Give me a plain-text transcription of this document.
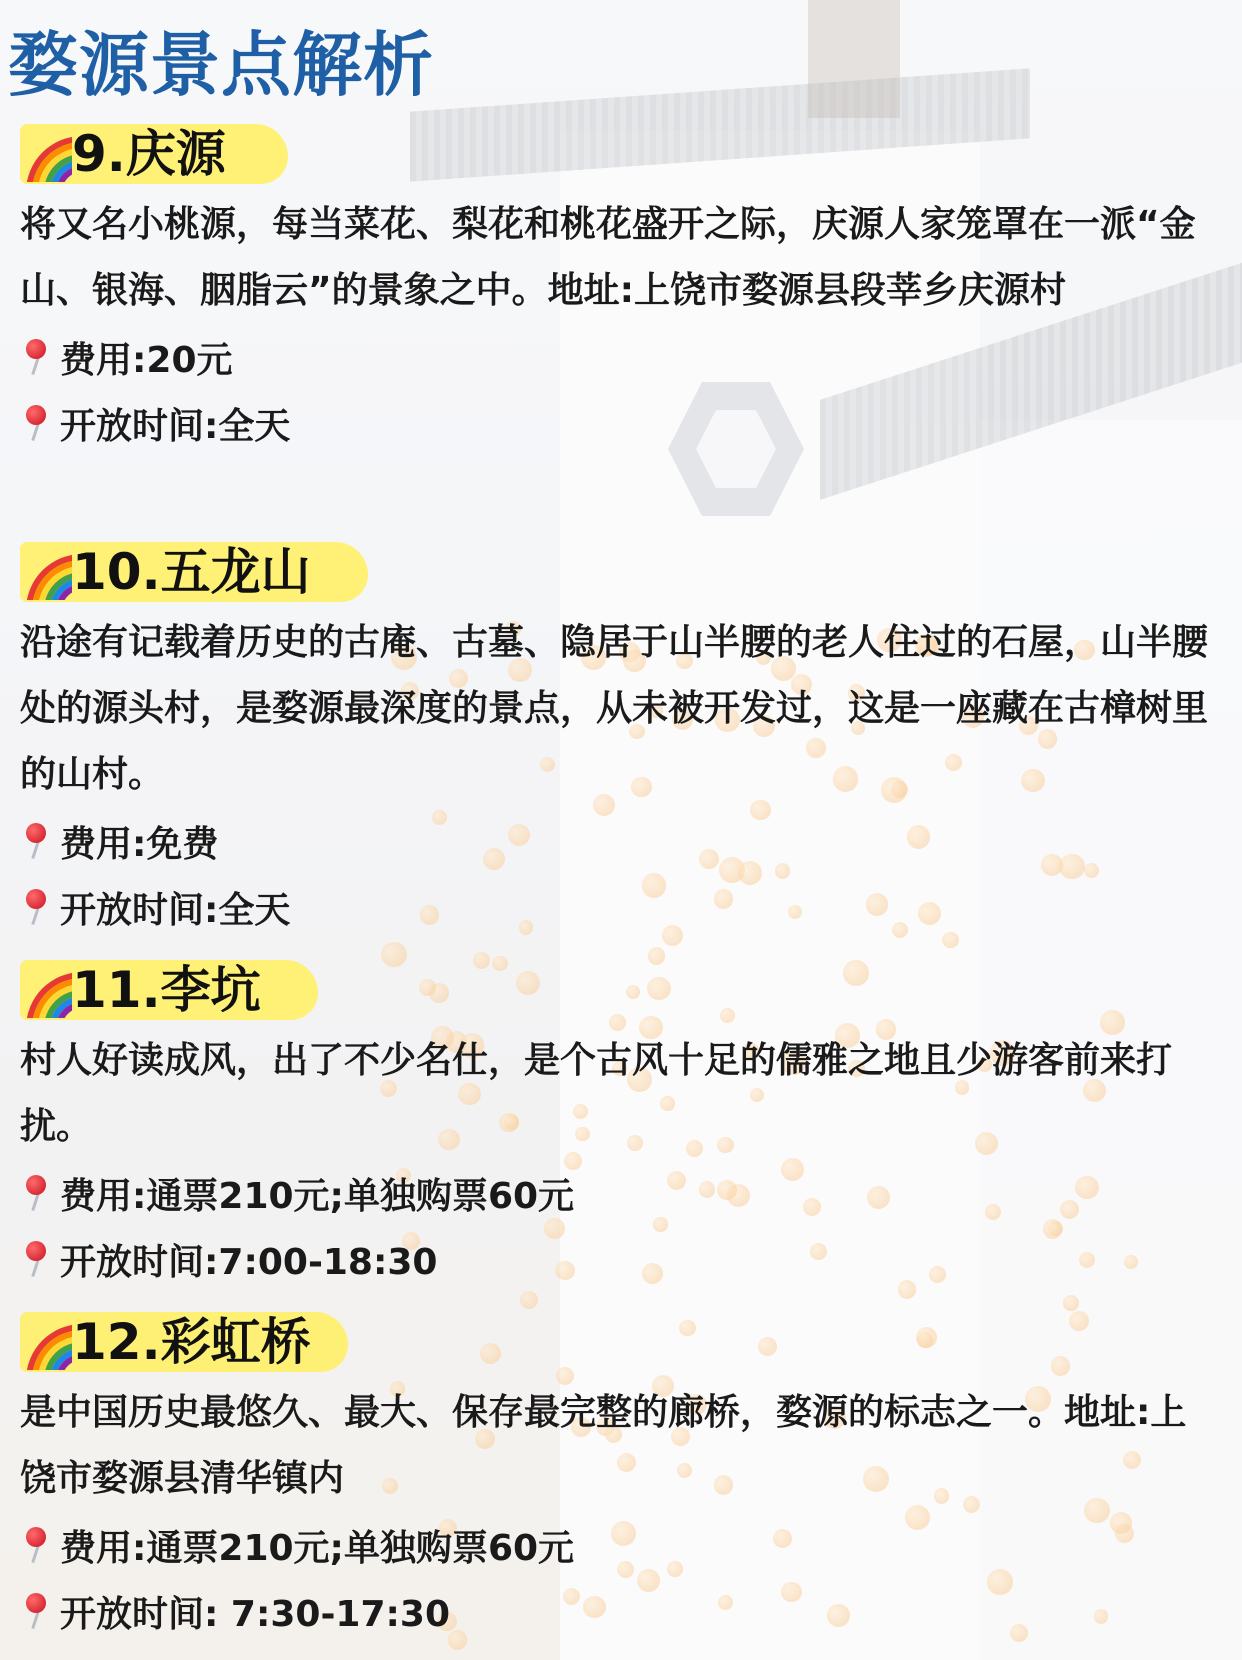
婺源景点解析
9.庆源

将又名小桃源，每当菜花、梨花和桃花盛开之际，庆源人家笼罩在一派“金山、银海、胭脂云”的景象之中。地址:上饶市婺源县段莘乡庆源村

费用:20元
开放时间:全天
10.五龙山

沿途有记载着历史的古庵、古墓、隐居于山半腰的老人住过的石屋，山半腰处的源头村，是婺源最深度的景点，从未被开发过，这是一座藏在古樟树里的山村。

费用:免费
开放时间:全天
11.李坑

村人好读成风，出了不少名仕，是个古风十足的儒雅之地且少游客前来打扰。

费用:通票210元;单独购票60元
开放时间:7:00-18:30
12.彩虹桥

是中国历史最悠久、最大、保存最完整的廊桥，婺源的标志之一。地址:上饶市婺源县清华镇内

费用:通票210元;单独购票60元
开放时间: 7:30-17:30
